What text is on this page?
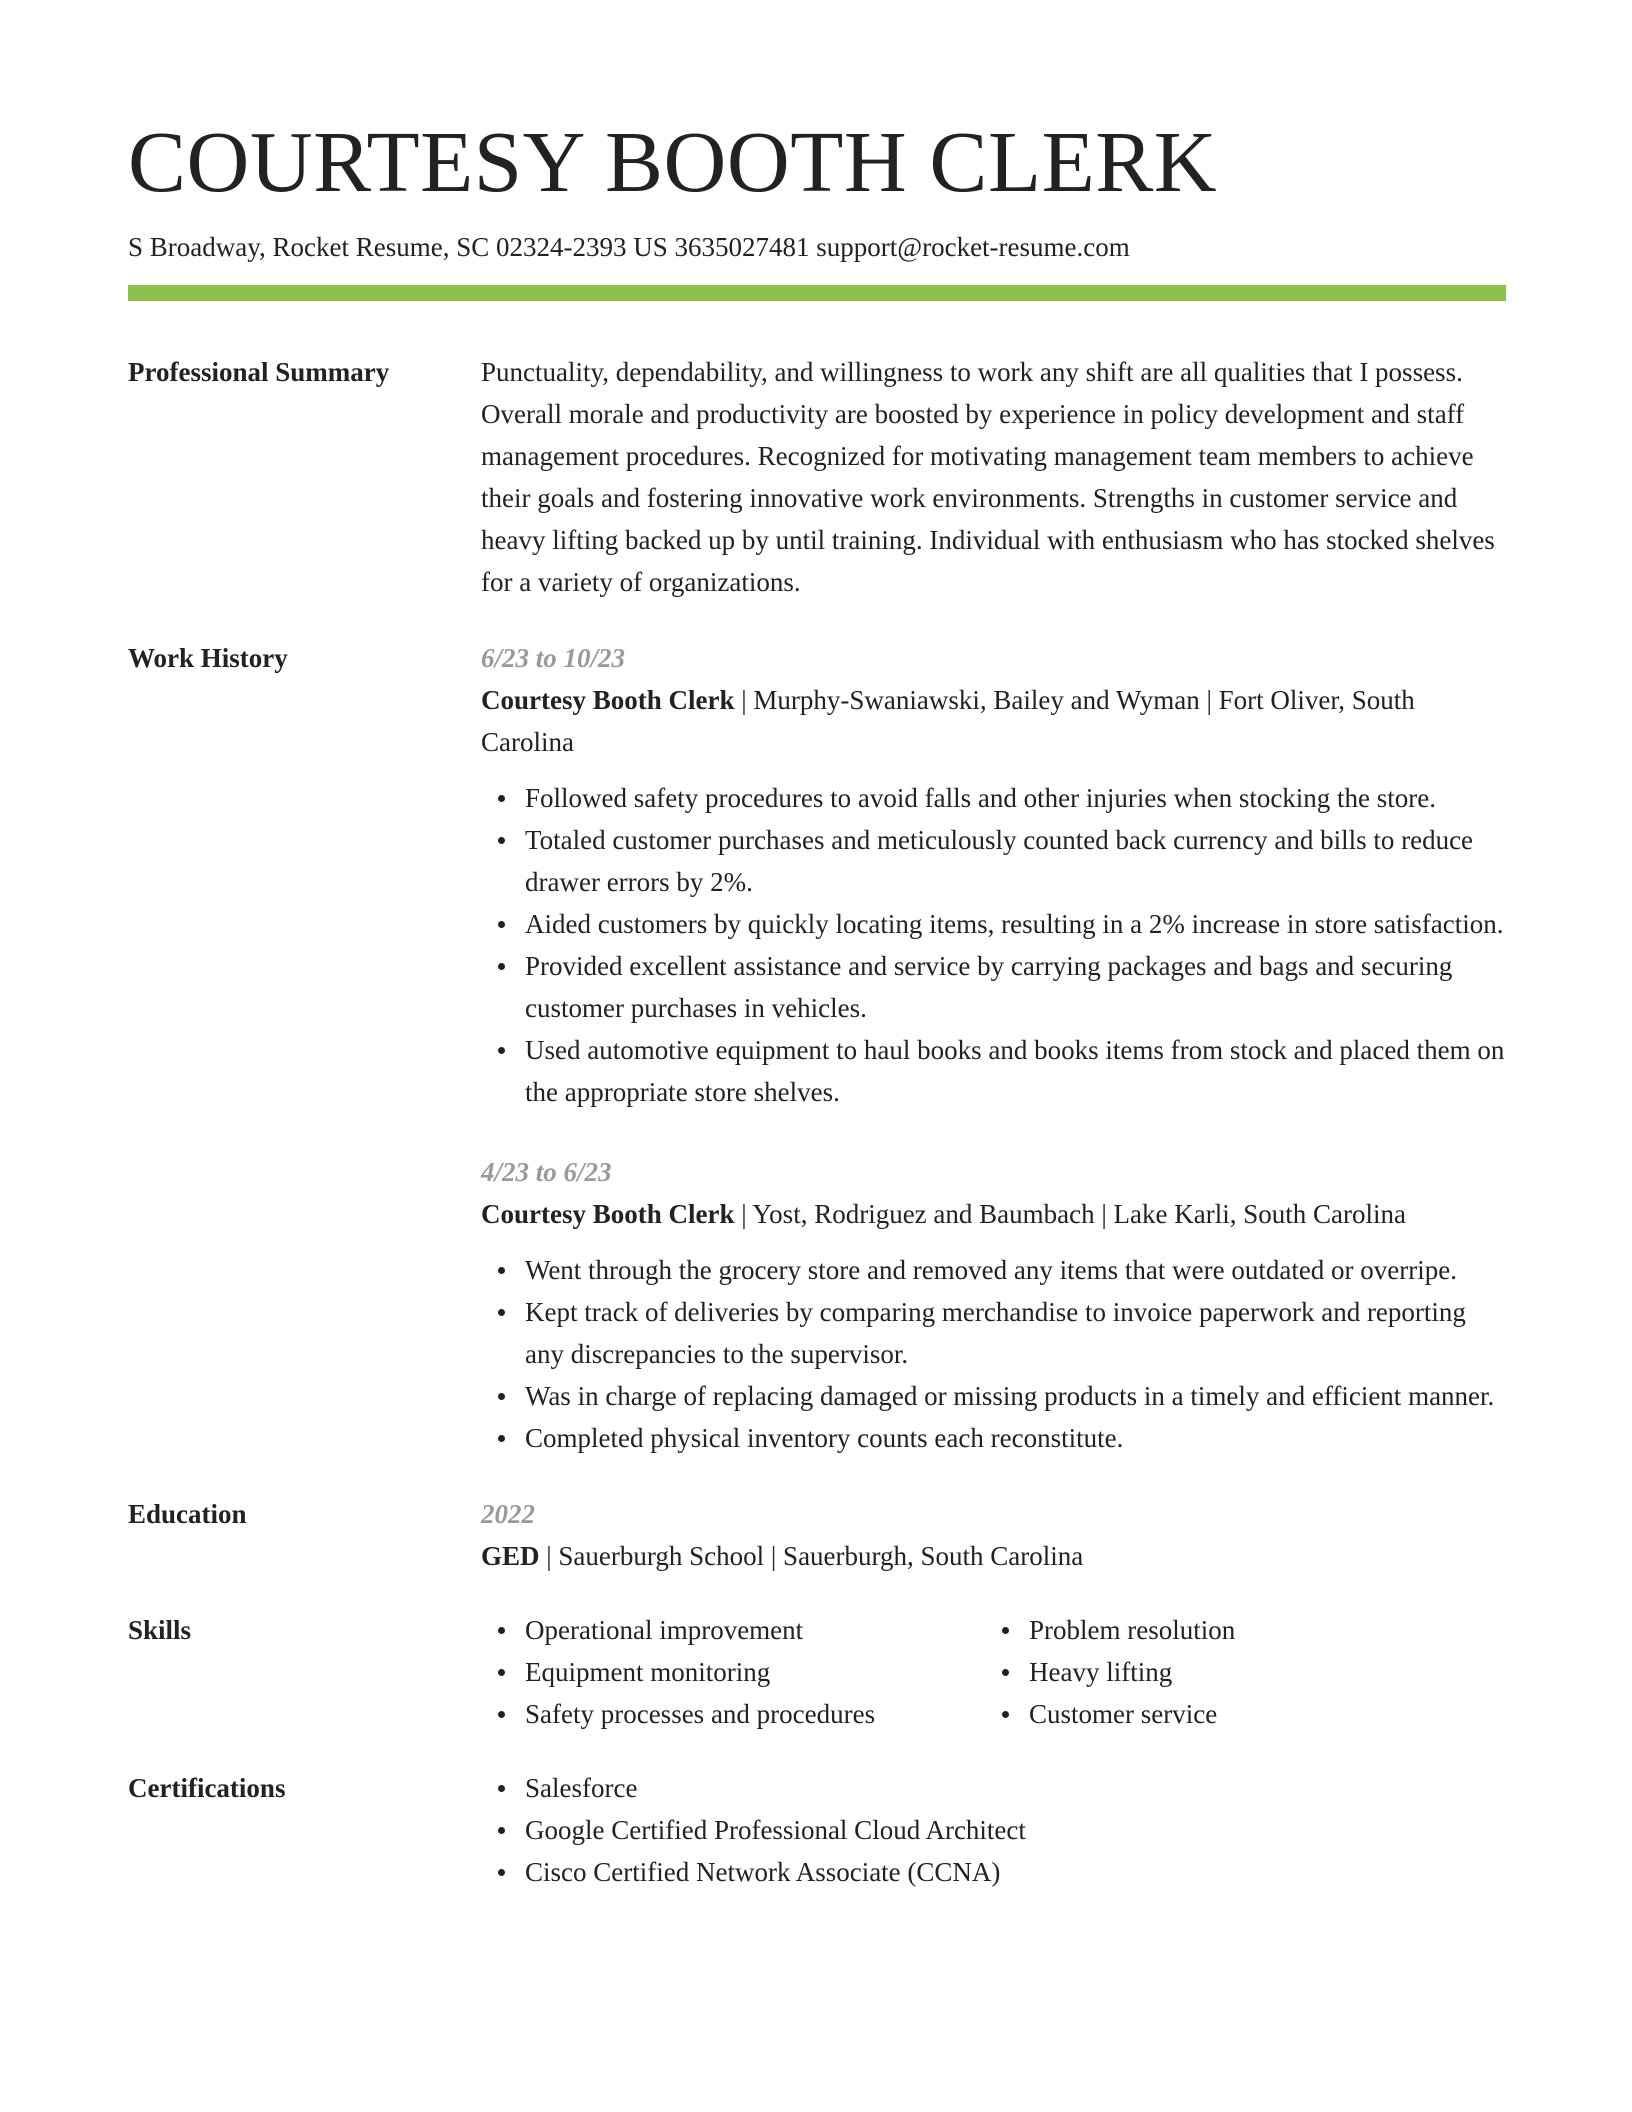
COURTESY BOOTH CLERK
S Broadway, Rocket Resume, SC 02324-2393 US 3635027481 support@rocket-resume.com
Professional Summary	Punctuality, dependability, and willingness to work any shift are all qualities that I possess. Overall morale and productivity are boosted by experience in policy development and staff management procedures. Recognized for motivating management team members to achieve their goals and fostering innovative work environments. Strengths in customer service and heavy lifting backed up by until training. Individual with enthusiasm who has stocked shelves for a variety of organizations.
Work History	6/23 to 10/23
Courtesy Booth Clerk | Murphy-Swaniawski, Bailey and Wyman | Fort Oliver, South Carolina
Followed safety procedures to avoid falls and other injuries when stocking the store.
Totaled customer purchases and meticulously counted back currency and bills to reduce drawer errors by 2%.
Aided customers by quickly locating items, resulting in a 2% increase in store satisfaction.
Provided excellent assistance and service by carrying packages and bags and securing customer purchases in vehicles.
Used automotive equipment to haul books and books items from stock and placed them on the appropriate store shelves.
4/23 to 6/23
Courtesy Booth Clerk | Yost, Rodriguez and Baumbach | Lake Karli, South Carolina
Went through the grocery store and removed any items that were outdated or overripe.
Kept track of deliveries by comparing merchandise to invoice paperwork and reporting any discrepancies to the supervisor.
Was in charge of replacing damaged or missing products in a timely and efficient manner.
Completed physical inventory counts each reconstitute.
Education	2022
GED | Sauerburgh School | Sauerburgh, South Carolina
Skills	Operational improvement
Equipment monitoring
Safety processes and procedures
Problem resolution
Heavy lifting
Customer service
Certifications	Salesforce
Google Certified Professional Cloud Architect
Cisco Certified Network Associate (CCNA)
